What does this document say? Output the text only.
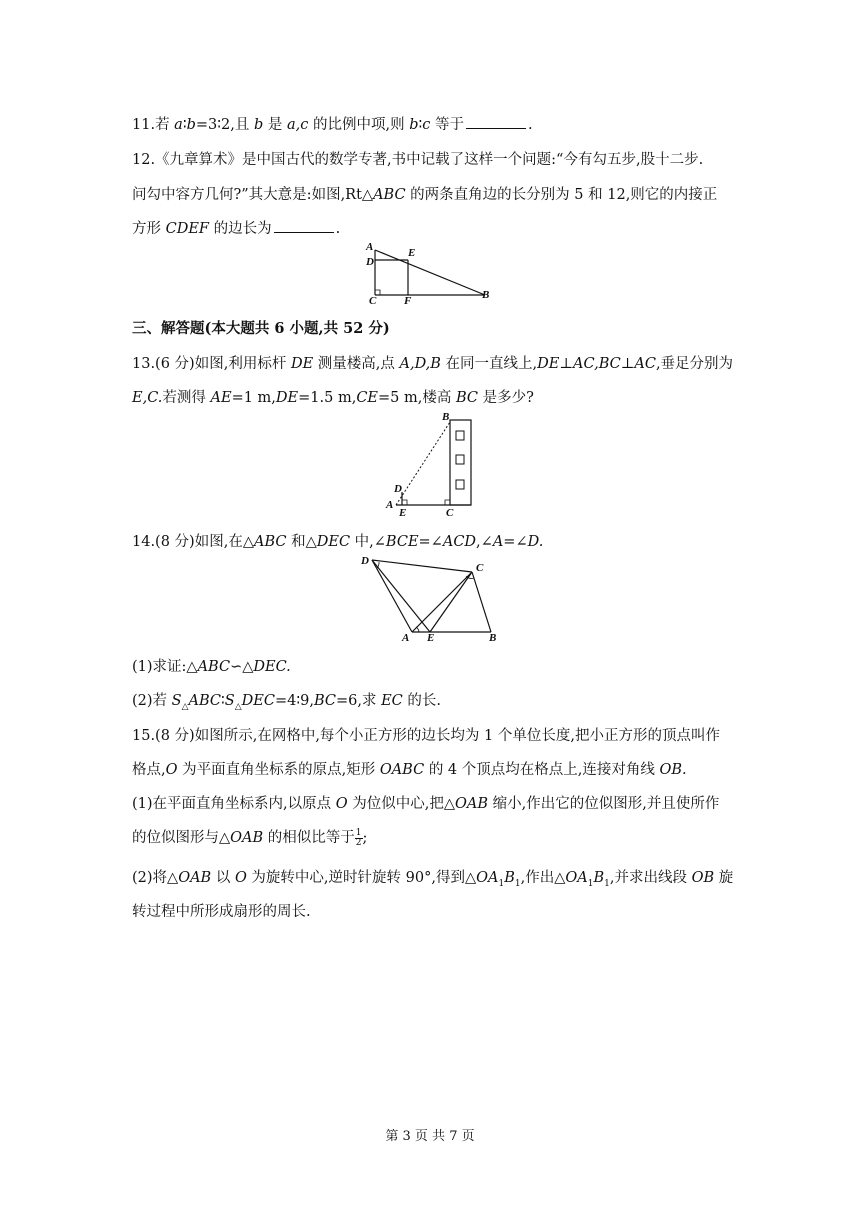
11.若 a∶b=3∶2,且 b 是 a,c 的比例中项,则 b∶c 等于	.
12.《九章算术》是中国古代的数学专著,书中记载了这样一个问题:“今有勾五步,股十二步.
问勾中容方几何?”其大意是:如图,Rt△ABC 的两条直角边的长分别为 5 和 12,则它的内接正
方形 CDEF 的边长为	.
A
D
E
C	F	B
三、解答题(本大题共 6 小题,共 52 分)
13.(6 分)如图,利用标杆 DE 测量楼高,点 A,D,B 在同一直线上,DE⊥AC,BC⊥AC,垂足分别为
E,C.若测得 AE=1 m,DE=1.5 m,CE=5 m,楼高 BC 是多少?
B
D
A
E	C
14.(8 分)如图,在△ABC 和△DEC 中,∠BCE=∠ACD,∠A=∠D.
D
C
A E	B
(1)求证:△ABC∽△DEC.
(2)若 $S_\triangle ABC∶S_\triangle DEC=4∶9,BC=6$,求 EC 的长.
15.(8 分)如图所示,在网格中,每个小正方形的边长均为 1 个单位长度,把小正方形的顶点叫作
格点,O 为平面直角坐标系的原点,矩形 OABC 的 4 个顶点均在格点上,连接对角线 OB.
(1)在平面直角坐标系内,以原点 O 为位似中心,把△OAB 缩小,作出它的位似图形,并且使所作
的位似图形与△OAB 的相似比等于 $\frac{1}{2}$ ;
(2)将△OAB 以 O 为旋转中心,逆时针旋转 90°,得到$\triangle OA_1B_1$,作出$\triangle OA_1B_1$,并求出线段 OB 旋
转过程中所形成扇形的周长.
第 3 页 共 7 页
